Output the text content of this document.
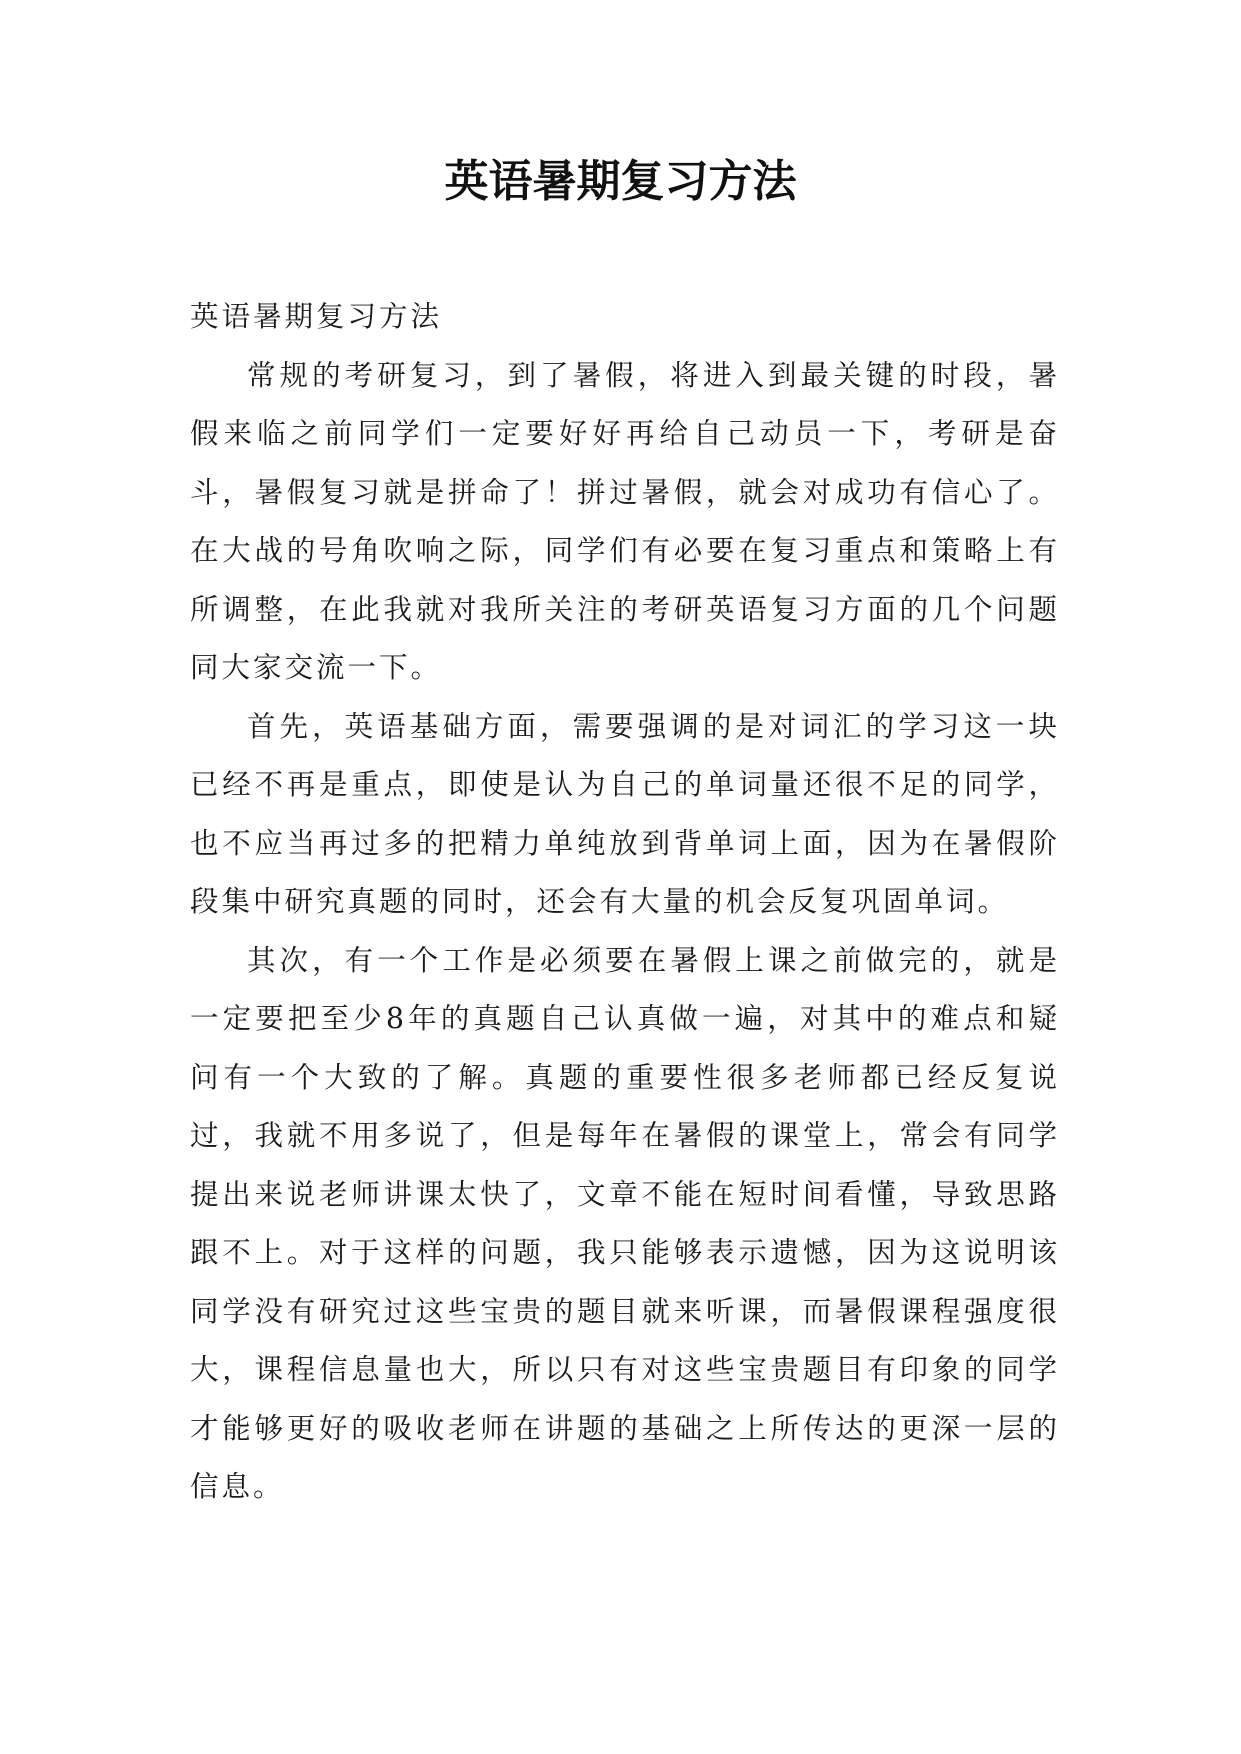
英语暑期复习方法

英语暑期复习方法

常规的考研复习，到了暑假，将进入到最关键的时段，暑假来临之前同学们一定要好好再给自己动员一下，考研是奋斗，暑假复习就是拼命了！拼过暑假，就会对成功有信心了。在大战的号角吹响之际，同学们有必要在复习重点和策略上有所调整，在此我就对我所关注的考研英语复习方面的几个问题同大家交流一下。

首先，英语基础方面，需要强调的是对词汇的学习这一块已经不再是重点，即使是认为自己的单词量还很不足的同学，也不应当再过多的把精力单纯放到背单词上面，因为在暑假阶段集中研究真题的同时，还会有大量的机会反复巩固单词。

其次，有一个工作是必须要在暑假上课之前做完的，就是一定要把至少8年的真题自己认真做一遍，对其中的难点和疑问有一个大致的了解。真题的重要性很多老师都已经反复说过，我就不用多说了，但是每年在暑假的课堂上，常会有同学提出来说老师讲课太快了，文章不能在短时间看懂，导致思路跟不上。对于这样的问题，我只能够表示遗憾，因为这说明该同学没有研究过这些宝贵的题目就来听课，而暑假课程强度很大，课程信息量也大，所以只有对这些宝贵题目有印象的同学才能够更好的吸收老师在讲题的基础之上所传达的更深一层的信息。
